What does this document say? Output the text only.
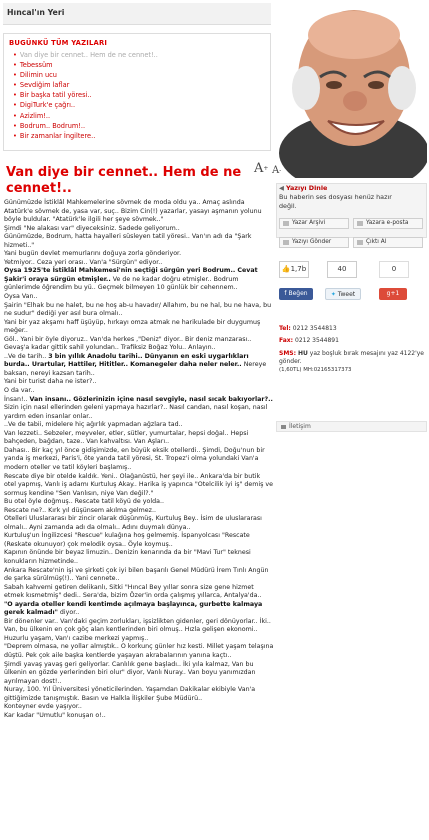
Hıncal'ın Yeri
BUGÜNKÜ TÜM YAZILARI
• Van diye bir cennet.. Hem de ne cennet!..
• Tebessüm
• Dilimin ucu
• Sevdiğim laflar
• Bir başka tatil yöresi..
• DigiTurk'e çağrı..
• Azizlim!..
• Bodrum.. Bodrum!..
• Bir zamanlar İngiltere..
Van diye bir cennet.. Hem de ne cennet!..
A+ A-

Günümüzde İstiklâl Mahkemelerine sövmek de moda oldu ya.. Amaç aslında Atatürk'e sövmek de, yasa var, suç.. Bizim Cin(!) yazarlar, yasayı aşmanın yolunu böyle buldular. "Atatürk'le ilgili her şeye sövmek.."

Şimdi "Ne alakası var" diyeceksiniz. Sadede geliyorum..

Günümüzde, Bodrum, hatta hayalleri süsleyen tatil yöresi.. Van'ın adı da "Şark hizmeti.."

Yani bugün devlet memurlarını doğuya zorla gönderiyor.

Yetmiyor.. Ceza yeri orası.. Van'a "Sürgün" ediyor..

Oysa 1925'te İstiklâl Mahkemesi'nin seçtiği sürgün yeri Bodrum.. Cevat Şakir'i oraya sürgün etmişler.. Ve de ne kadar doğru etmişler.. Bodrum günlerimde öğrendim bu yü.. Geçmek bilmeyen 10 günlük bir cehennem..

Oysa Van..

Şairin "Elhak bu ne halet, bu ne hoş ab-u havadır/ Allahım, bu ne hal, bu ne hava, bu ne sudur" dediği yer asıl bura olmalı..

Yani bir yaz akşamı haff üşüyüp, hırkayı omza atmak ne harikulade bir duygumuş meğer..

Göl.. Yani bir öyle diyoruz.. Van'da herkes ,"Deniz" diyor.. Bir deniz manzarası.. Gevaş'a kadar gittik sahil yolundan.. Trafiksiz Boğaz Yolu.. Anlayın..

..Ve de tarih.. 3 bin yıllık Anadolu tarihi.. Dünyanın en eski uygarlıkları burda.. Urartular, Hattiler, Hititler.. Komanegeler daha neler neler.. Nereye baksan, nereyi kazsan tarih..

Yani bir turist daha ne ister?..

O da var..

İnsan!.. Van insanı.. Gözlerinizin içine nasıl sevgiyle, nasıl sıcak bakıyorlar?.. Sizin için nasıl ellerinden geleni yapmaya hazırlar?.. Nasıl candan, nasıl koşan, nasıl yardım eden insanlar onlar..

..Ve de tabii, midelere hiç ağırlık yapmadan ağzlara tad..

Van lezzeti.. Sebzeler, meyveler, etler, sütler, yumurtalar, hepsi doğal.. Hepsi bahçeden, bağdan, taze.. Van kahvaltısı. Van Aşları..

Dahası.. Bir kaç yıl önce gidişimizde, en büyük eksik otellerdi.. Şimdi, Doğu'nun bir yanda iş merkezi, Paris'i, öte yanda tatil yöresi, St. Tropez'i olma yolundaki Van'a modern oteller ve tatil köyleri başlamış..

Rescate diye bir otelde kaldık. Yeni.. Olağanüstü, her şeyi ile.. Ankara'da bir butik otel yapmış, Vanlı iş adamı Kurtuluş Akay.. Harika iş yapınca "Otelcilik iyi iş" demiş ve sormuş kendine "Sen Vanlısın, niye Van değil?."

Bu otel öyle doğmuş.. Rescate tatil köyü de yolda..

Rescate ne?.. Kırk yıl düşünsem akılma gelmez..

Otelleri Uluslararası bir zincir olarak düşünmüş, Kurtuluş Bey.. İsim de uluslararası olmalı.. Ayni zamanda adı da olmalı.. Adını duymalı dünya..

Kurtuluş'un İngilizcesi "Rescue" kulağına hoş gelmemiş. İspanyolcası "Rescate (Reskate okunuyor) çok melodik oysa.. Öyle koymuş..

Kapının önünde bir beyaz limuzin.. Denizin kenarında da bir "Mavi Tur" teknesi konukların hizmetinde..

Ankara Rescate'nin işi ve şirketi çok iyi bilen başarılı Genel Müdürü İrem Tınlı Angün de şarka sürülmüş(!).. Yani cennete..

Sabah kahvemi getiren delikanlı, Sitki "Hıncal Bey yıllar sonra size gene hizmet etmek kısmetmiş" dedi.. Sera'da, bizim Özer'in orda çalışmış yıllarca, Antalya'da..

"O ayarda oteller kendi kentimde açılmaya başlayınca, gurbette kalmaya gerek kalmadı" diyor..

Bir dönenler var.. Van'daki geçim zorlukları, işsizlikten gidenler, geri dönüyorlar.. İki.. Van, bu ülkenin en çok göç alan kentlerinden biri olmuş.. Hızla gelişen ekonomi.. Huzurlu yaşam, Van'ı cazibe merkezi yapmış..

"Deprem olmasa, ne yollar almıştık.. O korkunç günler hız kesti. Millet yaşam telaşına düştü. Pek çok aile başka kentlerde yaşayan akrabalarının yanına kaçtı..

Şimdi yavaş yavaş geri geliyorlar. Canlılık gene başladı.. İki yıla kalmaz, Van bu ülkenin en gözde yerlerinden biri olur" diyor, Vanlı Nuray.. Van boyu yanımızdan ayrılmayan dost!..

Nuray, 100. Yıl Üniversitesi yöneticilerinden. Yaşamdan Dakikalar ekibiyle Van'a gittiğimizde tanışmıştık. Basın ve Halkla İlişkiler Şube Müdürü..

Konteyner evde yaşıyor..

Kar kadar "Umutlu" konuşan o!..

◀ Yazıyı Dinle
Bu haberin ses dosyası henüz hazır değil.
Yazar Arşivi	Yazara e-posta
Yazıyı Gönder	Çıktı Al
👍1,7b	40	0
f Beğen	✦ Tweet	g+1
Tel: 0212 3544813
Fax: 0212 3544891
SMS: HU yaz boşluk bırak mesajını yaz 4122'ye gönder.
(1,60TL) MH:02165317373
İletişim
